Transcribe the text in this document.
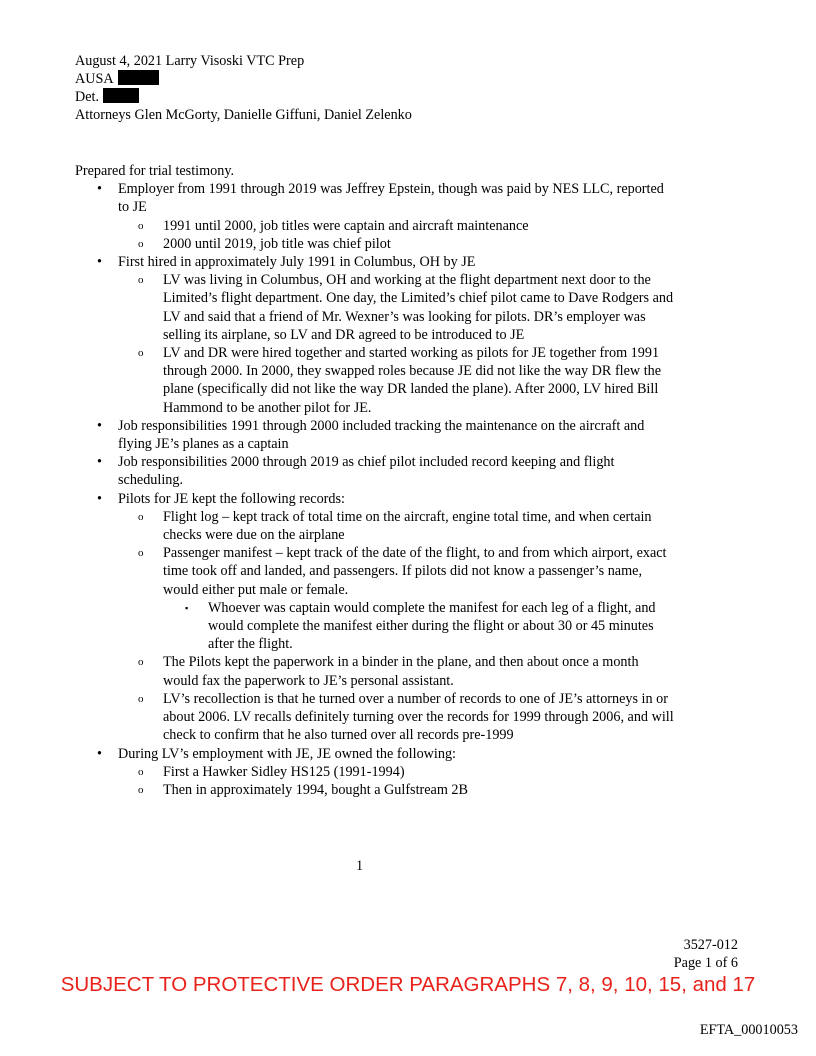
August 4, 2021 Larry Visoski VTC Prep
AUSA
Det.
Attorneys Glen McGorty, Danielle Giffuni, Daniel Zelenko
Prepared for trial testimony.
• Employer from 1991 through 2019 was Jeffrey Epstein, though was paid by NES LLC, reported to JE
o 1991 until 2000, job titles were captain and aircraft maintenance
o 2000 until 2019, job title was chief pilot
• First hired in approximately July 1991 in Columbus, OH by JE
o LV was living in Columbus, OH and working at the flight department next door to the Limited’s flight department. One day, the Limited’s chief pilot came to Dave Rodgers and LV and said that a friend of Mr. Wexner’s was looking for pilots. DR’s employer was selling its airplane, so LV and DR agreed to be introduced to JE
o LV and DR were hired together and started working as pilots for JE together from 1991 through 2000. In 2000, they swapped roles because JE did not like the way DR flew the plane (specifically did not like the way DR landed the plane). After 2000, LV hired Bill Hammond to be another pilot for JE.
• Job responsibilities 1991 through 2000 included tracking the maintenance on the aircraft and flying JE’s planes as a captain
• Job responsibilities 2000 through 2019 as chief pilot included record keeping and flight scheduling.
• Pilots for JE kept the following records:
o Flight log – kept track of total time on the aircraft, engine total time, and when certain checks were due on the airplane
o Passenger manifest – kept track of the date of the flight, to and from which airport, exact time took off and landed, and passengers. If pilots did not know a passenger’s name, would either put male or female.
▪ Whoever was captain would complete the manifest for each leg of a flight, and would complete the manifest either during the flight or about 30 or 45 minutes after the flight.
o The Pilots kept the paperwork in a binder in the plane, and then about once a month would fax the paperwork to JE’s personal assistant.
o LV’s recollection is that he turned over a number of records to one of JE’s attorneys in or about 2006. LV recalls definitely turning over the records for 1999 through 2006, and will check to confirm that he also turned over all records pre-1999
• During LV’s employment with JE, JE owned the following:
o First a Hawker Sidley HS125 (1991-1994)
o Then in approximately 1994, bought a Gulfstream 2B
1
3527-012
Page 1 of 6
SUBJECT TO PROTECTIVE ORDER PARAGRAPHS 7, 8, 9, 10, 15, and 17
EFTA_00010053
